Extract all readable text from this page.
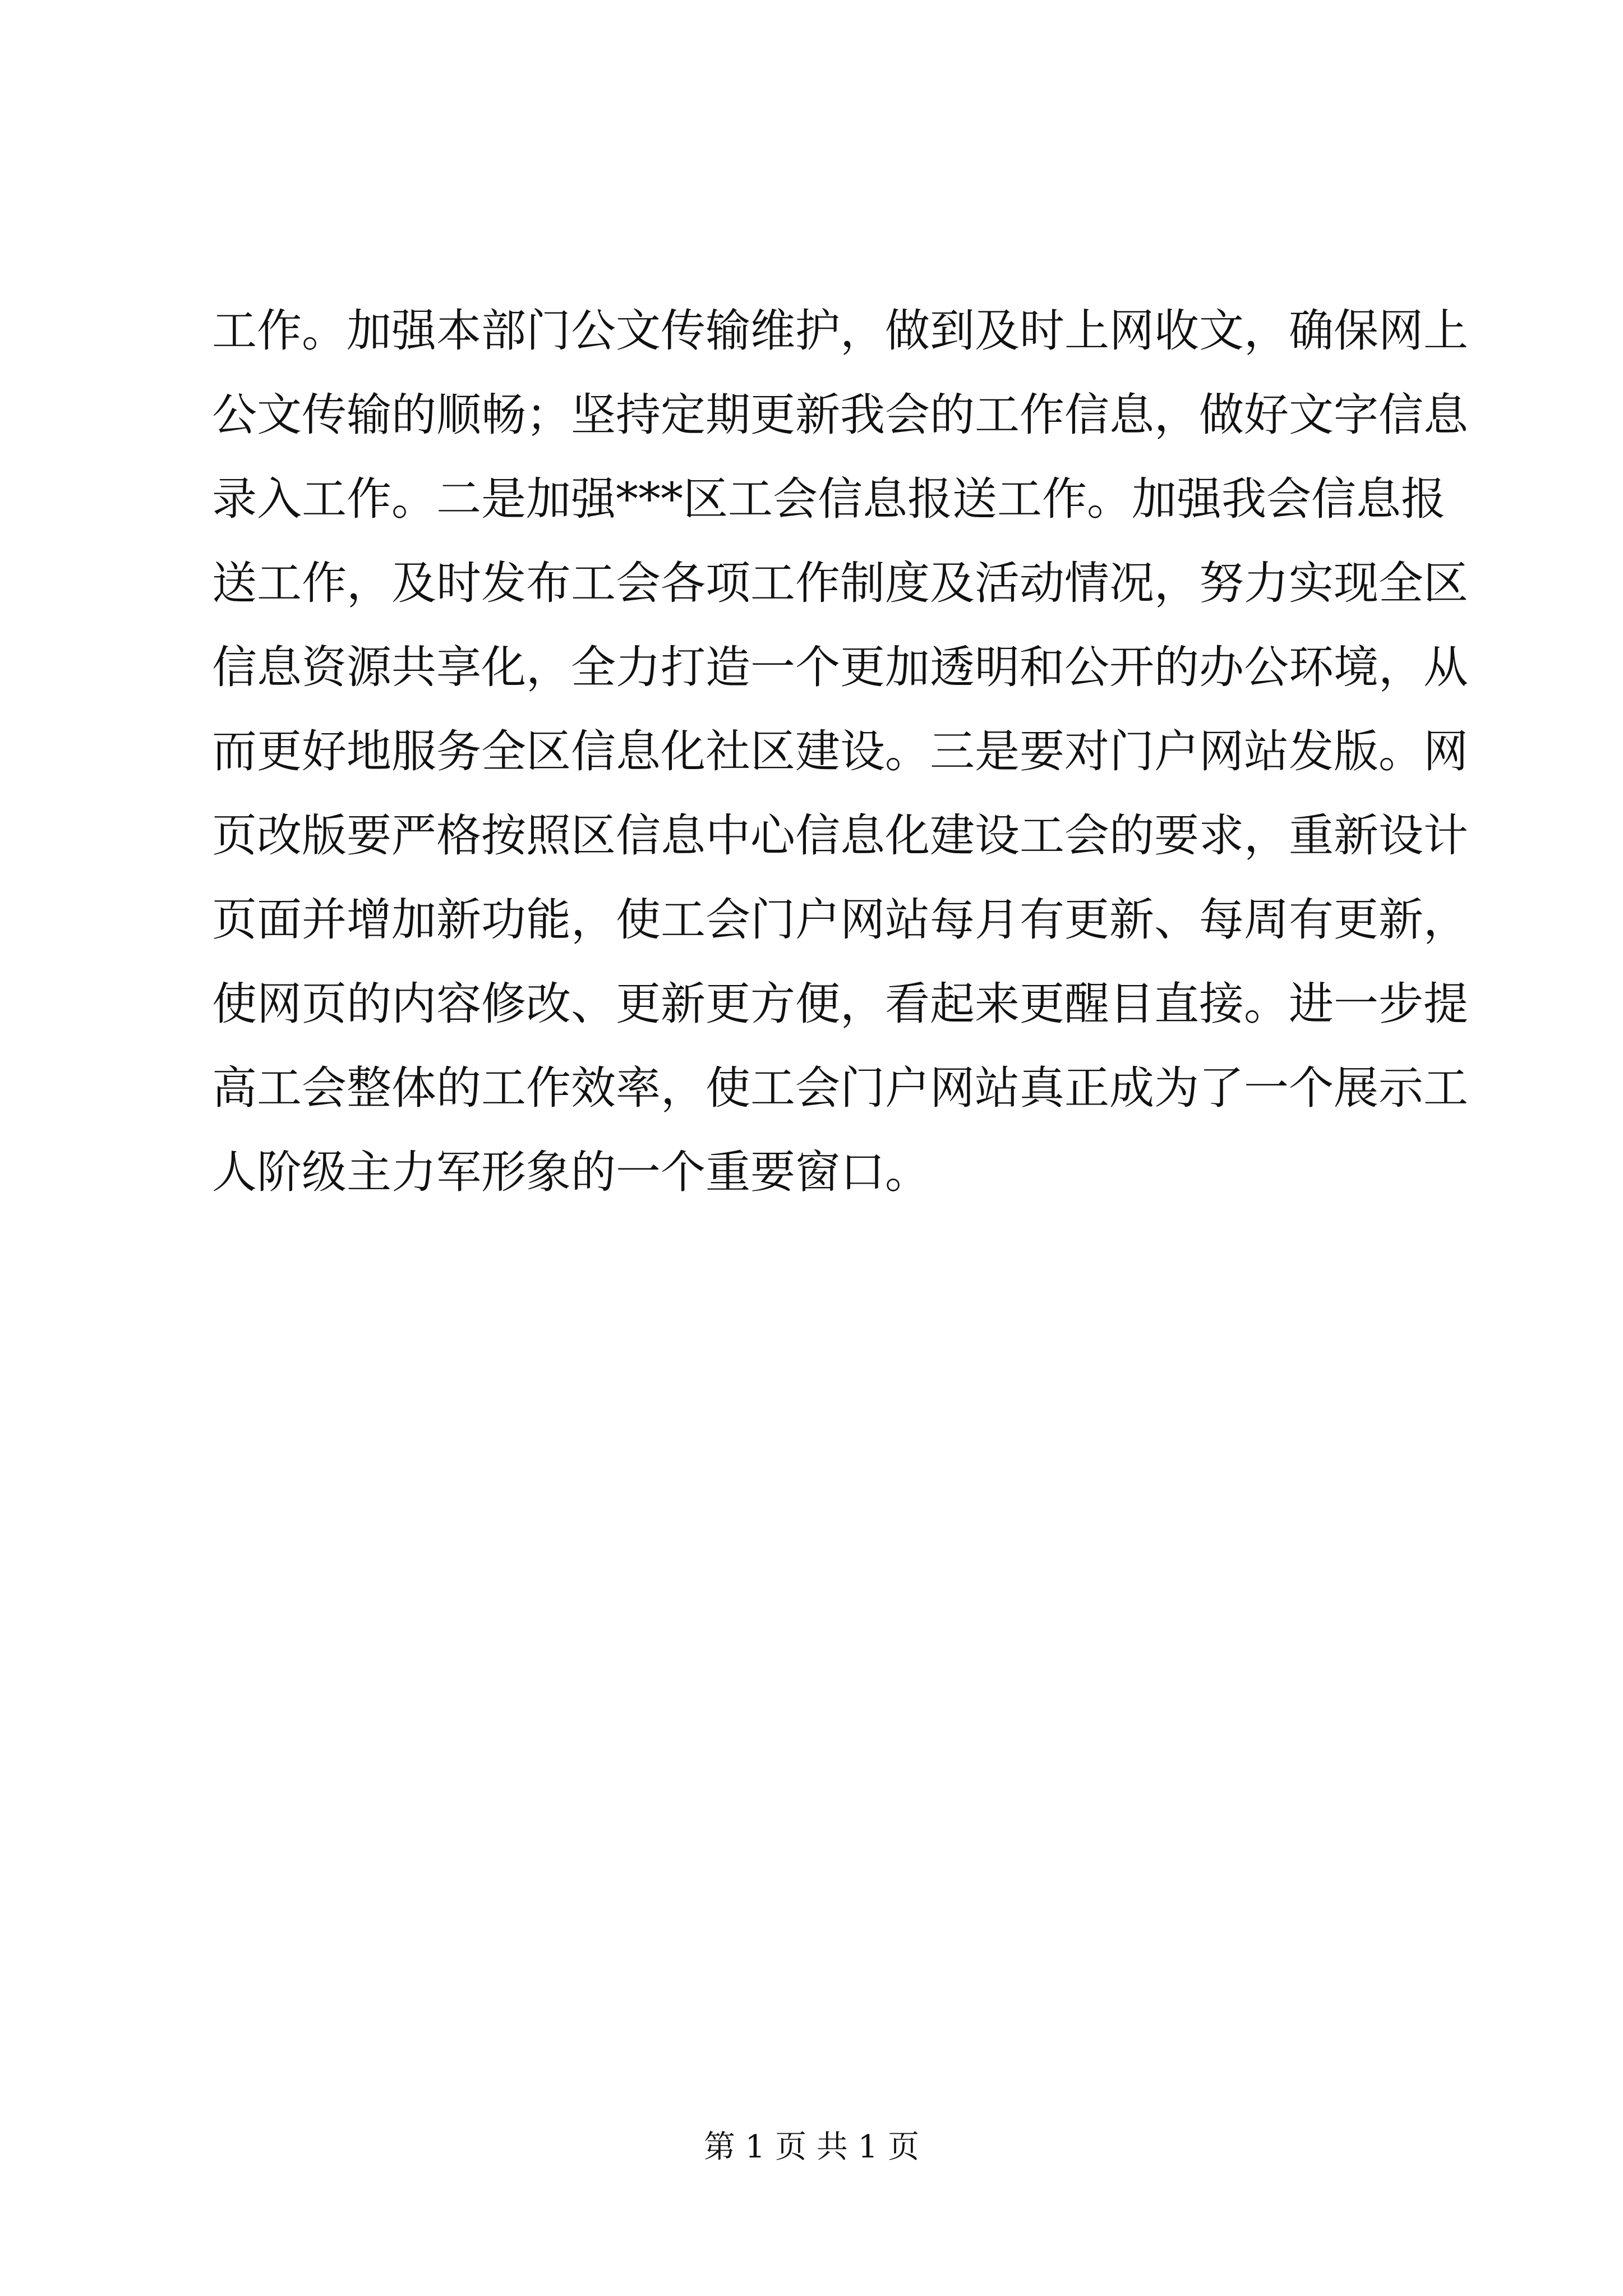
工作。加强本部门公文传输维护，做到及时上网收文，确保网上
公文传输的顺畅；坚持定期更新我会的工作信息，做好文字信息
录入工作。二是加强***区工会信息报送工作。加强我会信息报
送工作，及时发布工会各项工作制度及活动情况，努力实现全区
信息资源共享化，全力打造一个更加透明和公开的办公环境，从
而更好地服务全区信息化社区建设。三是要对门户网站发版。网
页改版要严格按照区信息中心信息化建设工会的要求，重新设计
页面并增加新功能，使工会门户网站每月有更新、每周有更新，
使网页的内容修改、更新更方便，看起来更醒目直接。进一步提
高工会整体的工作效率，使工会门户网站真正成为了一个展示工
人阶级主力军形象的一个重要窗口。
第 1 页 共 1 页
